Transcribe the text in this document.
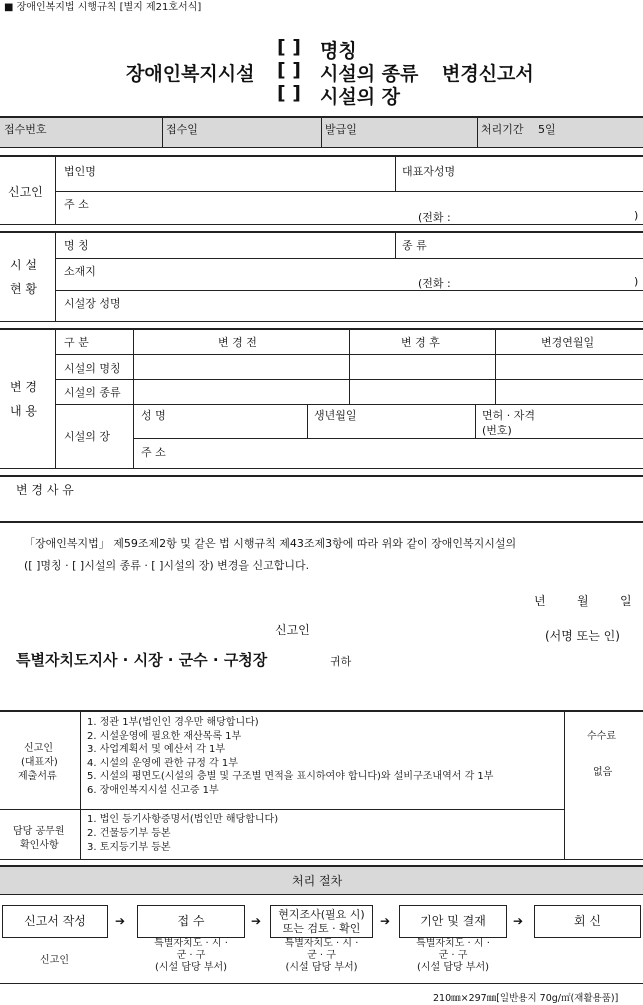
■ 장애인복지법 시행규칙 [별지 제21호서식]
[ ] 명칭
장애인복지시설 [ ] 시설의 종류 변경신고서
[ ] 시설의 장
접수번호	접수일	발급일	처리기간 5일
신고인
법인명	대표자성명
주 소
(전화 :	)
시 설
현 황
명 칭	종 류
소재지
(전화 :	)
시설장 성명
변 경
내 용
구 분	변 경 전	변 경 후	변경연월일
시설의 명칭
시설의 종류
시설의 장
성 명	생년월일	면허 · 자격
(번호)
주 소
변 경 사 유
「장애인복지법」 제59조제2항 및 같은 법 시행규칙 제43조제3항에 따라 위와 같이 장애인복지시설의
([ ]명칭 · [ ]시설의 종류 · [ ]시설의 장) 변경을 신고합니다.
년	월	일
신고인	(서명 또는 인)
특별자치도지사 · 시장 · 군수 · 구청장	귀하
신고인
(대표자)
제출서류
1. 정관 1부(법인인 경우만 해당합니다)
2. 시설운영에 필요한 재산목록 1부
3. 사업계획서 및 예산서 각 1부
4. 시설의 운영에 관한 규정 각 1부
5. 시설의 평면도(시설의 층별 및 구조별 면적을 표시하여야 합니다)와 설비구조내역서 각 1부
6. 장애인복지시설 신고증 1부
수수료
없음
담당 공무원
확인사항
1. 법인 등기사항증명서(법인만 해당합니다)
2. 건물등기부 등본
3. 토지등기부 등본
처리 절차
신고서 작성	➔	접 수	➔	현지조사(필요 시)
또는 검토 · 확인
➔	기안 및 결재	➔	회 신
신고인
특별자치도 · 시 ·
군 · 구
(시설 담당 부서)
특별자치도 · 시 ·
군 · 구
(시설 담당 부서)
특별자치도 · 시 ·
군 · 구
(시설 담당 부서)
210㎜×297㎜[일반용지 70g/㎡(재활용품)]
